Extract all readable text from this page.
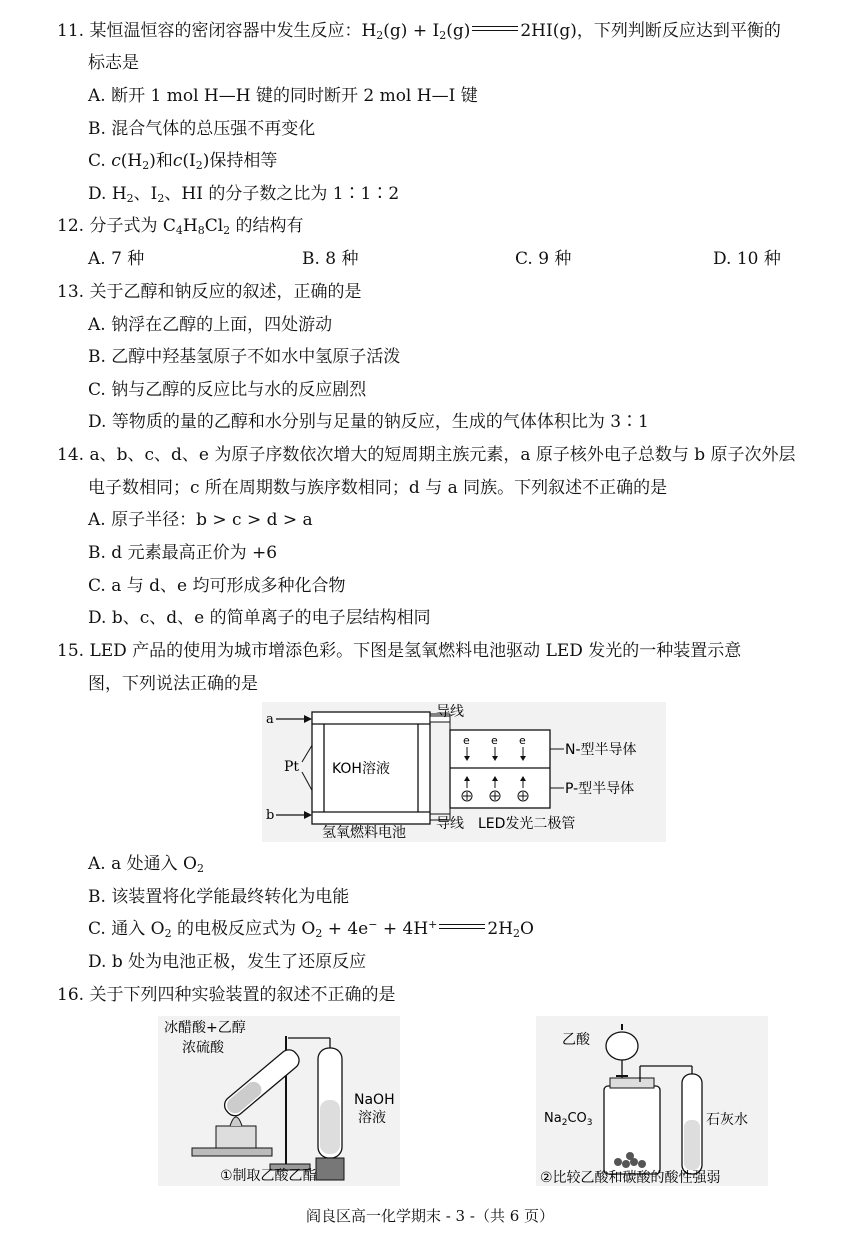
11. 某恒温恒容的密闭容器中发生反应：$H_2(g) + I_2(g)$	2HI(g)，下列判断反应达到平衡的
标志是
A. 断开 1 mol H—H 键的同时断开 2 mol H—I 键
B. 混合气体的总压强不再变化
C. $c(H_2)$和$c(I_2)$保持相等
D. $H_2$、$I_2$、HI 的分子数之比为 1∶1∶2
12. 分子式为 $C_4H_8Cl_2$ 的结构有
A. 7 种	B. 8 种	C. 9 种	D. 10 种
13. 关于乙醇和钠反应的叙述，正确的是
A. 钠浮在乙醇的上面，四处游动
B. 乙醇中羟基氢原子不如水中氢原子活泼
C. 钠与乙醇的反应比与水的反应剧烈
D. 等物质的量的乙醇和水分别与足量的钠反应，生成的气体体积比为 3∶1
14. a、b、c、d、e 为原子序数依次增大的短周期主族元素，a 原子核外电子总数与 b 原子次外层
电子数相同；c 所在周期数与族序数相同；d 与 a 同族。下列叙述不正确的是
A. 原子半径：b > c > d > a
B. d 元素最高正价为 +6
C. a 与 d、e 均可形成多种化合物
D. b、c、d、e 的简单离子的电子层结构相同
15. LED 产品的使用为城市增添色彩。下图是氢氧燃料电池驱动 LED 发光的一种装置示意
图，下列说法正确的是
a
b
Pt KOH溶液
导线
e e e
N-型半导体
P-型半导体
氢氧燃料电池
导线 LED发光二极管
A. a 处通入 $O_2$
B. 该装置将化学能最终转化为电能
C. 通入 $O_2$ 的电极反应式为 $O_2 + 4e^- + 4H^+$	$2H_2O$
D. b 处为电池正极，发生了还原反应
16. 关于下列四种实验装置的叙述不正确的是
冰醋酸+乙醇
浓硫酸
NaOH
溶液
①制取乙酸乙酯
乙酸
$Na_2CO_3$	石灰水
②比较乙酸和碳酸的酸性强弱
阎良区高一化学期末 - 3 -（共 6 页）
